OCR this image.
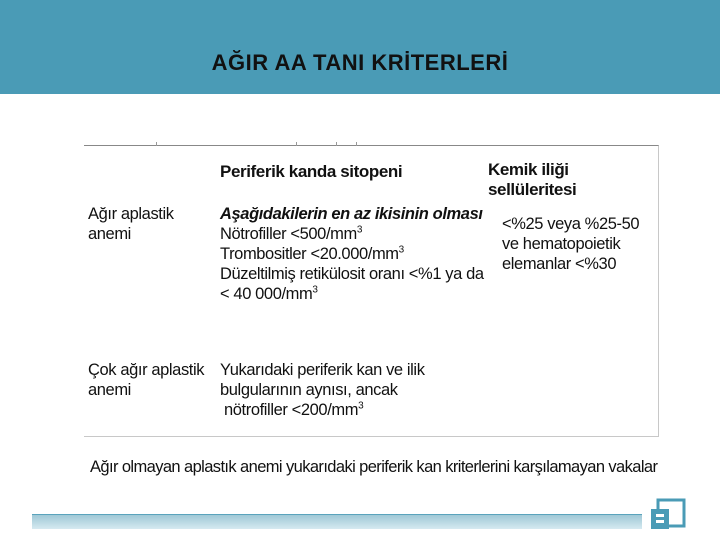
AĞIR AA TANI KRİTERLERİ
Periferik kanda sitopeni	Kemik iliği sellüleritesi
Ağır aplastik
anemi
Aşağıdakilerin en az ikisinin olması
Nötrofiller $<500/mm^3$
Trombositler $<20.000/mm^3$
Düzeltilmiş retikülosit oranı <%1 ya da
< 40 $000/mm^3$
<%25 veya %25-50
ve hematopoietik
elemanlar <%30
Çok ağır aplastik
anemi
Yukarıdaki periferik kan ve ilik
bulgularının aynısı, ancak
nötrofiller $<200/mm^3$
Ağır olmayan aplastık anemi yukarıdaki periferik kan kriterlerini karşılamayan vakalar
